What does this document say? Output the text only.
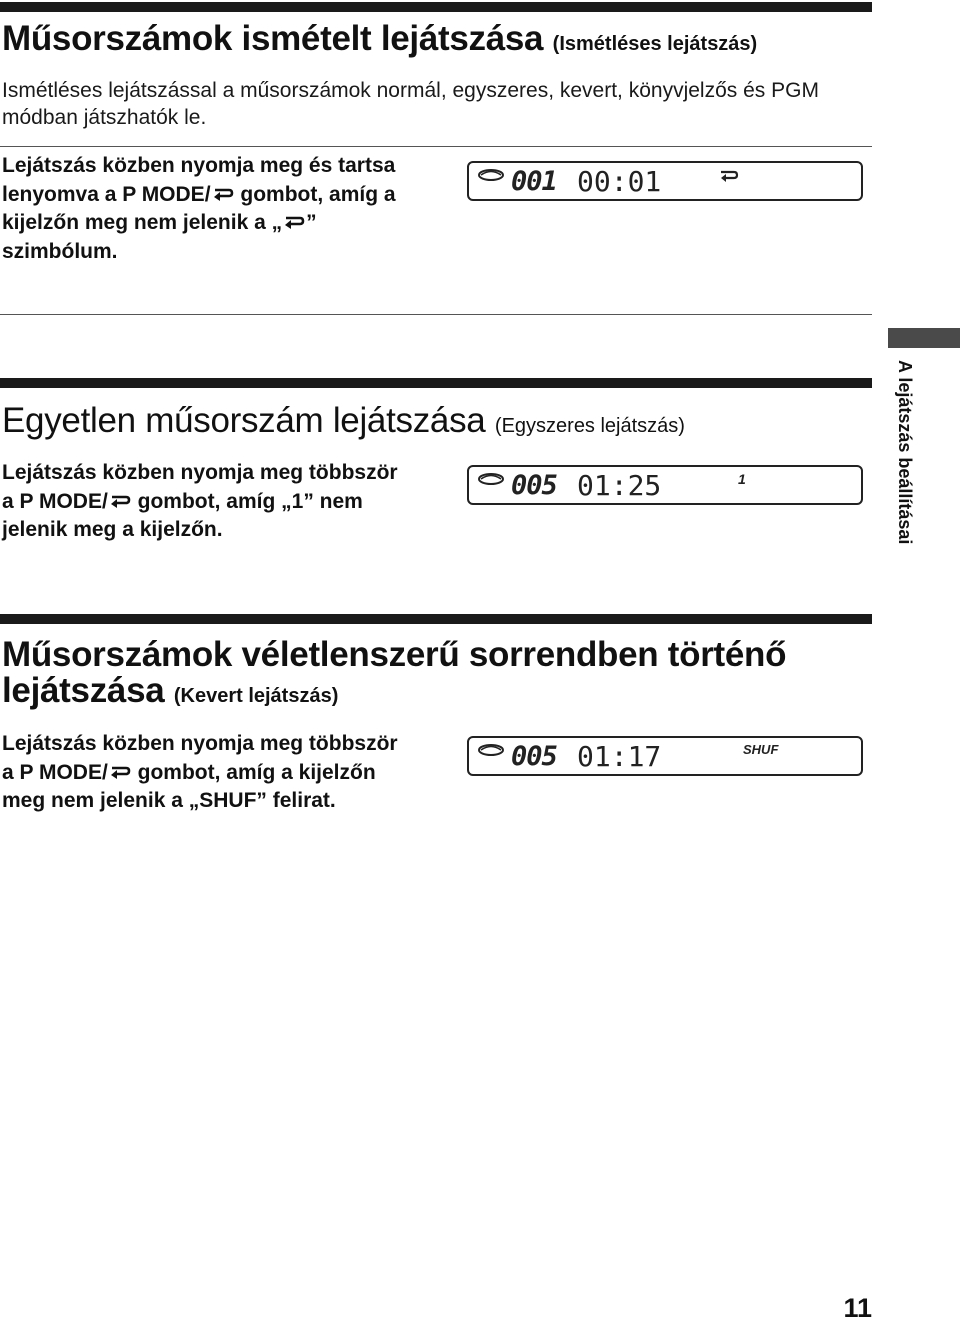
Műsorszámok ismételt lejátszása (Ismétléses lejátszás)
Ismétléses lejátszással a műsorszámok normál, egyszeres, kevert, könyvjelzős és PGM módban játszhatók le.
Lejátszás közben nyomja meg és tartsa
lenyomva a P MODE/
gombot, amíg a
kijelzőn meg nem jelenik a „ ”
szimbólum.
001 00:01
Egyetlen műsorszám lejátszása (Egyszeres lejátszás)
Lejátszás közben nyomja meg többször
a P MODE/
gombot, amíg „1” nem
jelenik meg a kijelzőn.
005 01:25	1
Műsorszámok véletlenszerű sorrendben történő
lejátszása (Kevert lejátszás)
Lejátszás közben nyomja meg többször
a P MODE/
gombot, amíg a kijelzőn
meg nem jelenik a „SHUF” felirat.
005 01:17	SHUF
A lejátszás beállításai
11
